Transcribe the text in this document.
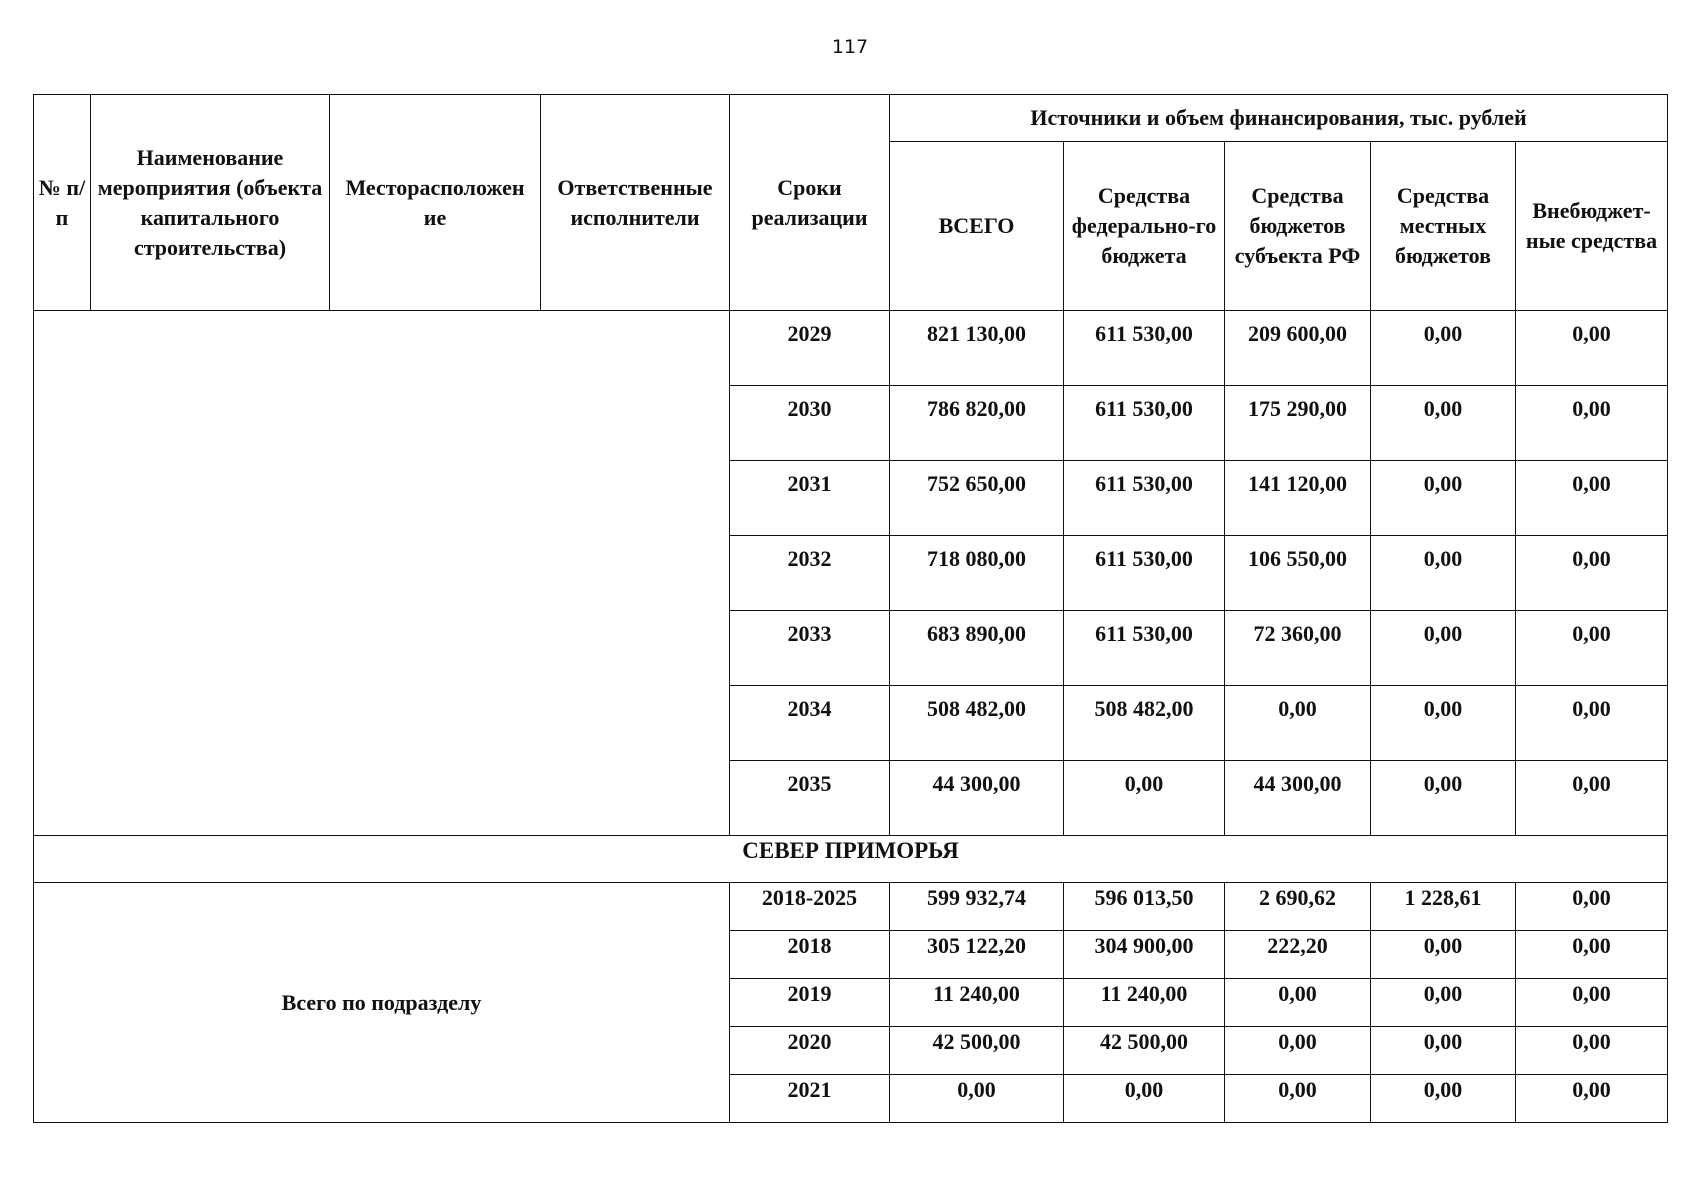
117
№ п/п	Наименование мероприятия (объекта капитального строительства)	Месторасположен ие	Ответственные исполнители	Сроки реализации	Источники и объем финансирования, тыс. рублей				
					ВСЕГО	Средства федерально-го бюджета	Средства бюджетов субъекта РФ	Средства местных бюджетов	Внебюджет-ные средства
				2029	821 130,00	611 530,00	209 600,00	0,00	0,00
				2030	786 820,00	611 530,00	175 290,00	0,00	0,00
				2031	752 650,00	611 530,00	141 120,00	0,00	0,00
				2032	718 080,00	611 530,00	106 550,00	0,00	0,00
				2033	683 890,00	611 530,00	72 360,00	0,00	0,00
				2034	508 482,00	508 482,00	0,00	0,00	0,00
				2035	44 300,00	0,00	44 300,00	0,00	0,00
СЕВЕР ПРИМОРЬЯ									
Всего по подразделу				2018-2025	599 932,74	596 013,50	2 690,62	1 228,61	0,00
				2018	305 122,20	304 900,00	222,20	0,00	0,00
				2019	11 240,00	11 240,00	0,00	0,00	0,00
				2020	42 500,00	42 500,00	0,00	0,00	0,00
				2021	0,00	0,00	0,00	0,00	0,00
